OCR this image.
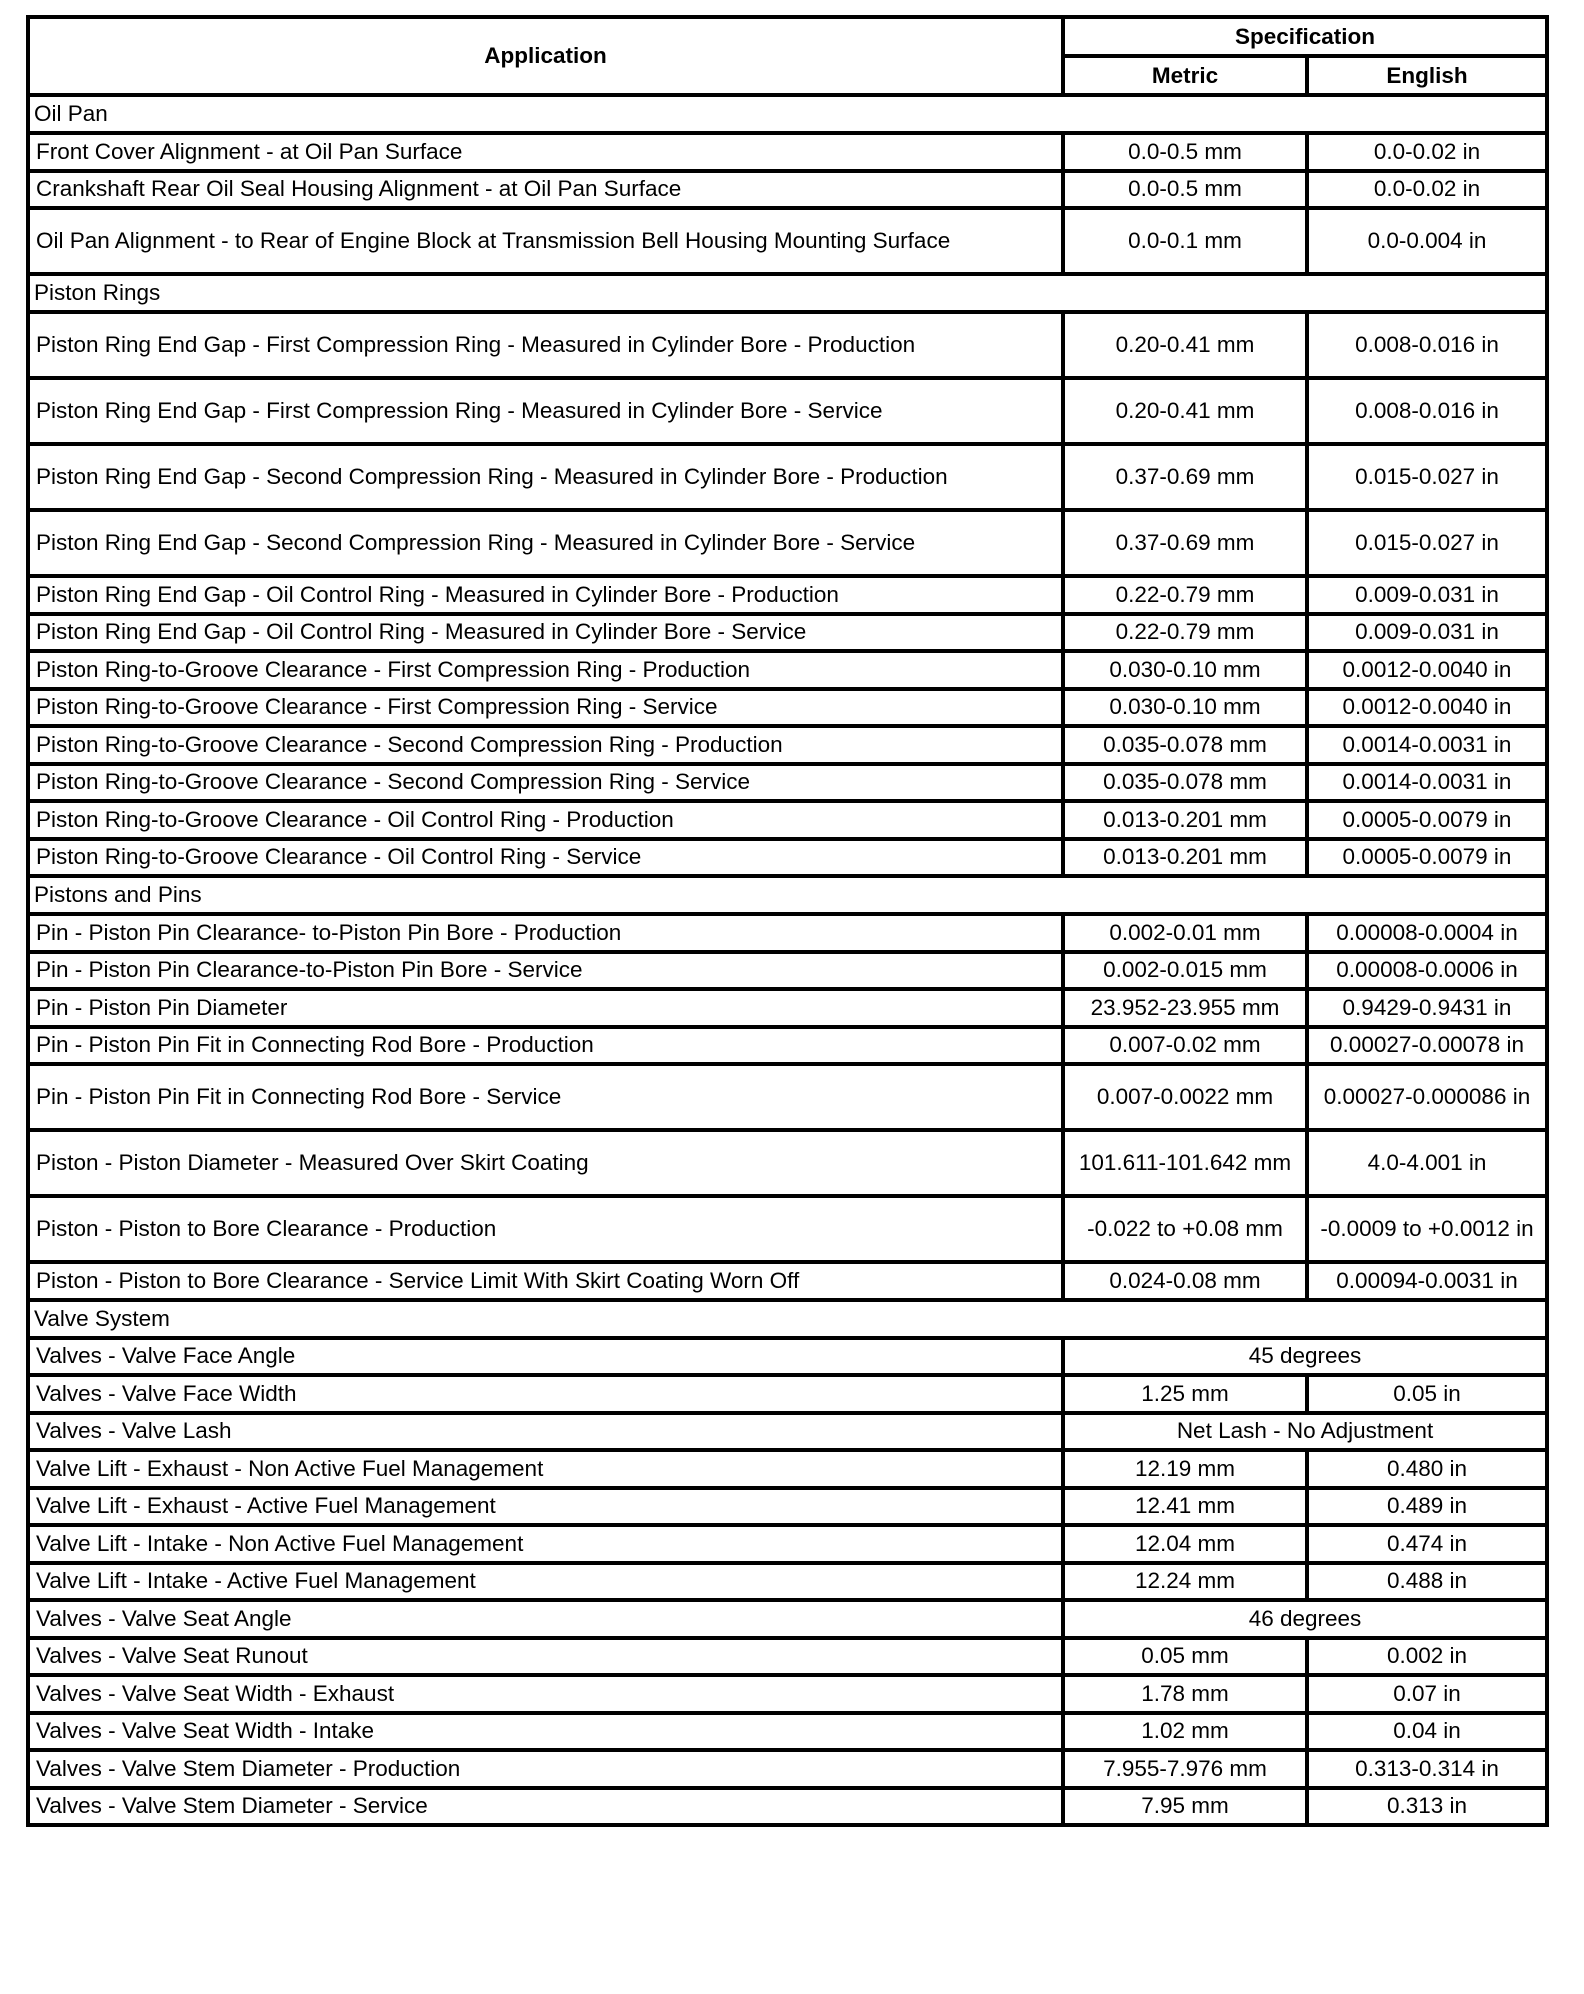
Application	Specification	
	Metric	English
Oil Pan		
Front Cover Alignment - at Oil Pan Surface	0.0-0.5 mm	0.0-0.02 in
Crankshaft Rear Oil Seal Housing Alignment - at Oil Pan Surface	0.0-0.5 mm	0.0-0.02 in
Oil Pan Alignment - to Rear of Engine Block at Transmission Bell Housing Mounting Surface	0.0-0.1 mm	0.0-0.004 in
Piston Rings		
Piston Ring End Gap - First Compression Ring - Measured in Cylinder Bore - Production	0.20-0.41 mm	0.008-0.016 in
Piston Ring End Gap - First Compression Ring - Measured in Cylinder Bore - Service	0.20-0.41 mm	0.008-0.016 in
Piston Ring End Gap - Second Compression Ring - Measured in Cylinder Bore - Production	0.37-0.69 mm	0.015-0.027 in
Piston Ring End Gap - Second Compression Ring - Measured in Cylinder Bore - Service	0.37-0.69 mm	0.015-0.027 in
Piston Ring End Gap - Oil Control Ring - Measured in Cylinder Bore - Production	0.22-0.79 mm	0.009-0.031 in
Piston Ring End Gap - Oil Control Ring - Measured in Cylinder Bore - Service	0.22-0.79 mm	0.009-0.031 in
Piston Ring-to-Groove Clearance - First Compression Ring - Production	0.030-0.10 mm	0.0012-0.0040 in
Piston Ring-to-Groove Clearance - First Compression Ring - Service	0.030-0.10 mm	0.0012-0.0040 in
Piston Ring-to-Groove Clearance - Second Compression Ring - Production	0.035-0.078 mm	0.0014-0.0031 in
Piston Ring-to-Groove Clearance - Second Compression Ring - Service	0.035-0.078 mm	0.0014-0.0031 in
Piston Ring-to-Groove Clearance - Oil Control Ring - Production	0.013-0.201 mm	0.0005-0.0079 in
Piston Ring-to-Groove Clearance - Oil Control Ring - Service	0.013-0.201 mm	0.0005-0.0079 in
Pistons and Pins		
Pin - Piston Pin Clearance- to-Piston Pin Bore - Production	0.002-0.01 mm	0.00008-0.0004 in
Pin - Piston Pin Clearance-to-Piston Pin Bore - Service	0.002-0.015 mm	0.00008-0.0006 in
Pin - Piston Pin Diameter	23.952-23.955 mm	0.9429-0.9431 in
Pin - Piston Pin Fit in Connecting Rod Bore - Production	0.007-0.02 mm	0.00027-0.00078 in
Pin - Piston Pin Fit in Connecting Rod Bore - Service	0.007-0.0022 mm	0.00027-0.000086 in
Piston - Piston Diameter - Measured Over Skirt Coating	101.611-101.642 mm	4.0-4.001 in
Piston - Piston to Bore Clearance - Production	-0.022 to +0.08 mm	-0.0009 to +0.0012 in
Piston - Piston to Bore Clearance - Service Limit With Skirt Coating Worn Off	0.024-0.08 mm	0.00094-0.0031 in
Valve System		
Valves - Valve Face Angle	45 degrees	
Valves - Valve Face Width	1.25 mm	0.05 in
Valves - Valve Lash	Net Lash - No Adjustment	
Valve Lift - Exhaust - Non Active Fuel Management	12.19 mm	0.480 in
Valve Lift - Exhaust - Active Fuel Management	12.41 mm	0.489 in
Valve Lift - Intake - Non Active Fuel Management	12.04 mm	0.474 in
Valve Lift - Intake - Active Fuel Management	12.24 mm	0.488 in
Valves - Valve Seat Angle	46 degrees	
Valves - Valve Seat Runout	0.05 mm	0.002 in
Valves - Valve Seat Width - Exhaust	1.78 mm	0.07 in
Valves - Valve Seat Width - Intake	1.02 mm	0.04 in
Valves - Valve Stem Diameter - Production	7.955-7.976 mm	0.313-0.314 in
Valves - Valve Stem Diameter - Service	7.95 mm	0.313 in
